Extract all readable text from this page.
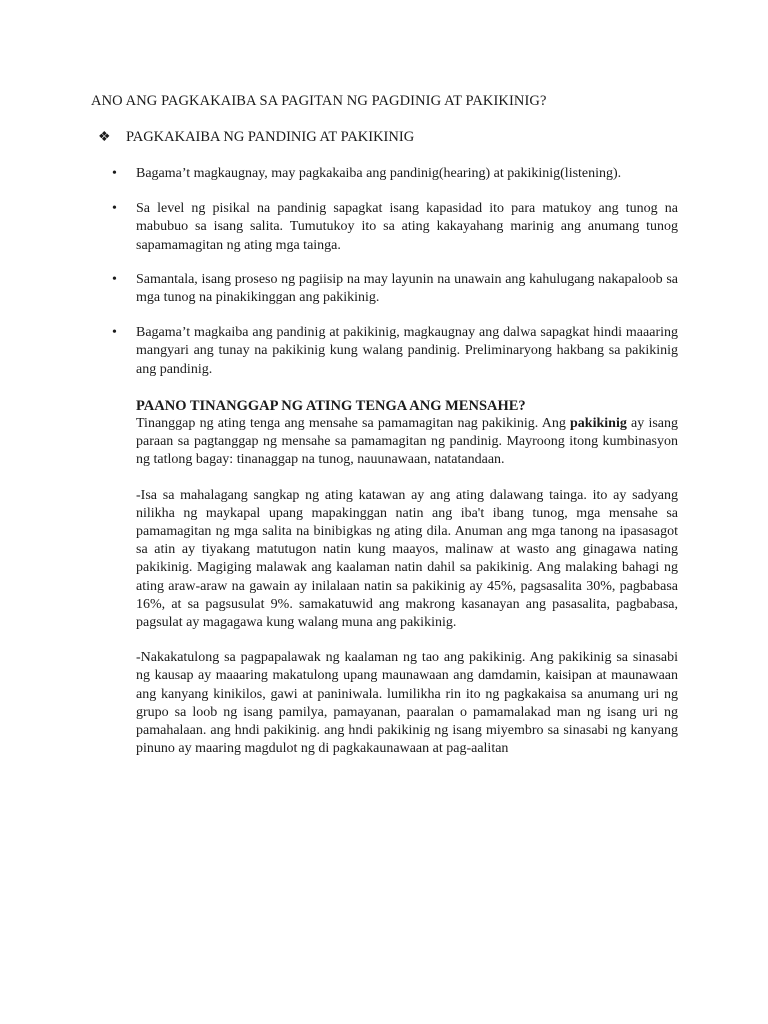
ANO ANG PAGKAKAIBA SA PAGITAN NG PAGDINIG AT PAKIKINIG?
❖ PAGKAKAIBA NG PANDINIG AT PAKIKINIG
•	Bagama’t magkaugnay, may pagkakaiba ang pandinig(hearing) at pakikinig(listening).
•	Sa level ng pisikal na pandinig sapagkat isang kapasidad ito para matukoy ang tunog na mabubuo sa isang salita. Tumutukoy ito sa ating kakayahang marinig ang anumang tunog sapamamagitan ng ating mga tainga.
•	Samantala, isang proseso ng pagiisip na may layunin na unawain ang kahulugang nakapaloob sa mga tunog na pinakikinggan ang pakikinig.
•	Bagama’t magkaiba ang pandinig at pakikinig, magkaugnay ang dalwa sapagkat hindi maaaring mangyari ang tunay na pakikinig kung walang pandinig. Preliminaryong hakbang sa pakikinig ang pandinig.
PAANO TINANGGAP NG ATING TENGA ANG MENSAHE?
Tinanggap ng ating tenga ang mensahe sa pamamagitan nag pakikinig. Ang pakikinig ay isang paraan sa pagtanggap ng mensahe sa pamamagitan ng pandinig. Mayroong itong kumbinasyon ng tatlong bagay: tinanaggap na tunog, nauunawaan, natatandaan.
-Isa sa mahalagang sangkap ng ating katawan ay ang ating dalawang tainga. ito ay sadyang nilikha ng maykapal upang mapakinggan natin ang iba't ibang tunog, mga mensahe sa pamamagitan ng mga salita na binibigkas ng ating dila. Anuman ang mga tanong na ipasasagot sa atin ay tiyakang matutugon natin kung maayos, malinaw at wasto ang ginagawa nating pakikinig. Magiging malawak ang kaalaman natin dahil sa pakikinig. Ang malaking bahagi ng ating araw-araw na gawain ay inilalaan natin sa pakikinig ay 45%, pagsasalita 30%, pagbabasa 16%, at sa pagsusulat 9%. samakatuwid ang makrong kasanayan ang pasasalita, pagbabasa, pagsulat ay magagawa kung walang muna ang pakikinig.
-Nakakatulong sa pagpapalawak ng kaalaman ng tao ang pakikinig. Ang pakikinig sa sinasabi ng kausap ay maaaring makatulong upang maunawaan ang damdamin, kaisipan at maunawaan ang kanyang kinikilos, gawi at paniniwala. lumilikha rin ito ng pagkakaisa sa anumang uri ng grupo sa loob ng isang pamilya, pamayanan, paaralan o pamamalakad man ng isang uri ng pamahalaan. ang hndi pakikinig. ang hndi pakikinig ng isang miyembro sa sinasabi ng kanyang pinuno ay maaring magdulot ng di pagkakaunawaan at pag-aalitan
